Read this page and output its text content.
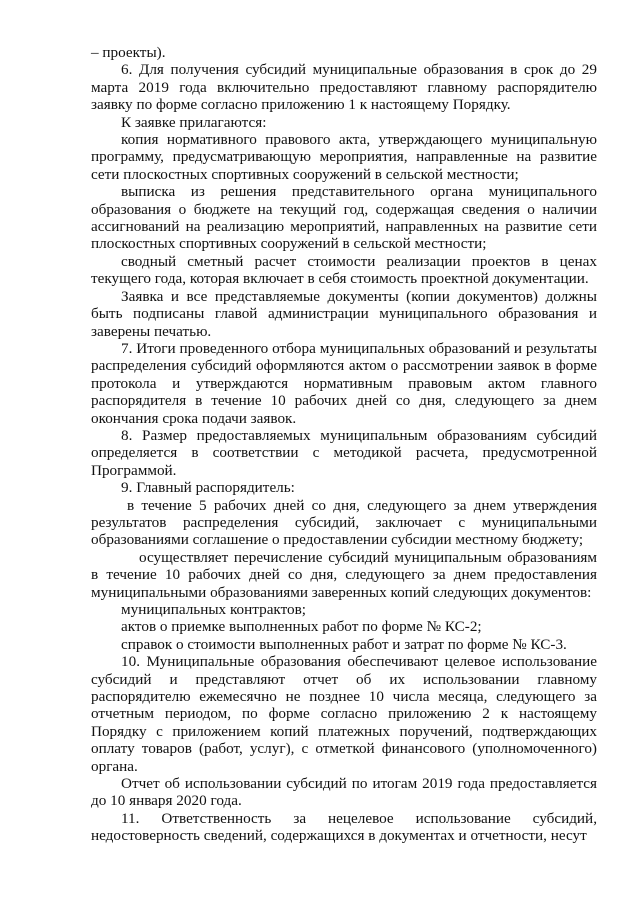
– проекты).

6. Для получения субсидий муниципальные образования в срок до 29 марта 2019 года включительно предоставляют главному распорядителю заявку по форме согласно приложению 1 к настоящему Порядку.

К заявке прилагаются:

копия нормативного правового акта, утверждающего муниципальную программу, предусматривающую мероприятия, направленные на развитие сети плоскостных спортивных сооружений в сельской местности;

выписка из решения представительного органа муниципального образования о бюджете на текущий год, содержащая сведения о наличии ассигнований на реализацию мероприятий, направленных на развитие сети плоскостных спортивных сооружений в сельской местности;

сводный сметный расчет стоимости реализации проектов в ценах текущего года, которая включает в себя стоимость проектной документации.

Заявка и все представляемые документы (копии документов) должны быть подписаны главой администрации муниципального образования и заверены печатью.

7. Итоги проведенного отбора муниципальных образований и результаты распределения субсидий оформляются актом о рассмотрении заявок в форме протокола и утверждаются нормативным правовым актом главного распорядителя в течение 10 рабочих дней со дня, следующего за днем окончания срока подачи заявок.

8. Размер предоставляемых муниципальным образованиям субсидий определяется в соответствии с методикой расчета, предусмотренной Программой.

9. Главный распорядитель:

в течение 5 рабочих дней со дня, следующего за днем утверждения результатов распределения субсидий, заключает с муниципальными образованиями соглашение о предоставлении субсидии местному бюджету;

осуществляет перечисление субсидий муниципальным образованиям в течение 10 рабочих дней со дня, следующего за днем предоставления муниципальными образованиями заверенных копий следующих документов:

муниципальных контрактов;

актов о приемке выполненных работ по форме № КС-2;

справок о стоимости выполненных работ и затрат по форме № КС-3.

10. Муниципальные образования обеспечивают целевое использование субсидий и представляют отчет об их использовании главному распорядителю ежемесячно не позднее 10 числа месяца, следующего за отчетным периодом, по форме согласно приложению 2 к настоящему Порядку с приложением копий платежных поручений, подтверждающих оплату товаров (работ, услуг), с отметкой финансового (уполномоченного) органа.

Отчет об использовании субсидий по итогам 2019 года предоставляется до 10 января 2020 года.

11. Ответственность за нецелевое использование субсидий, недостоверность сведений, содержащихся в документах и отчетности, несут
